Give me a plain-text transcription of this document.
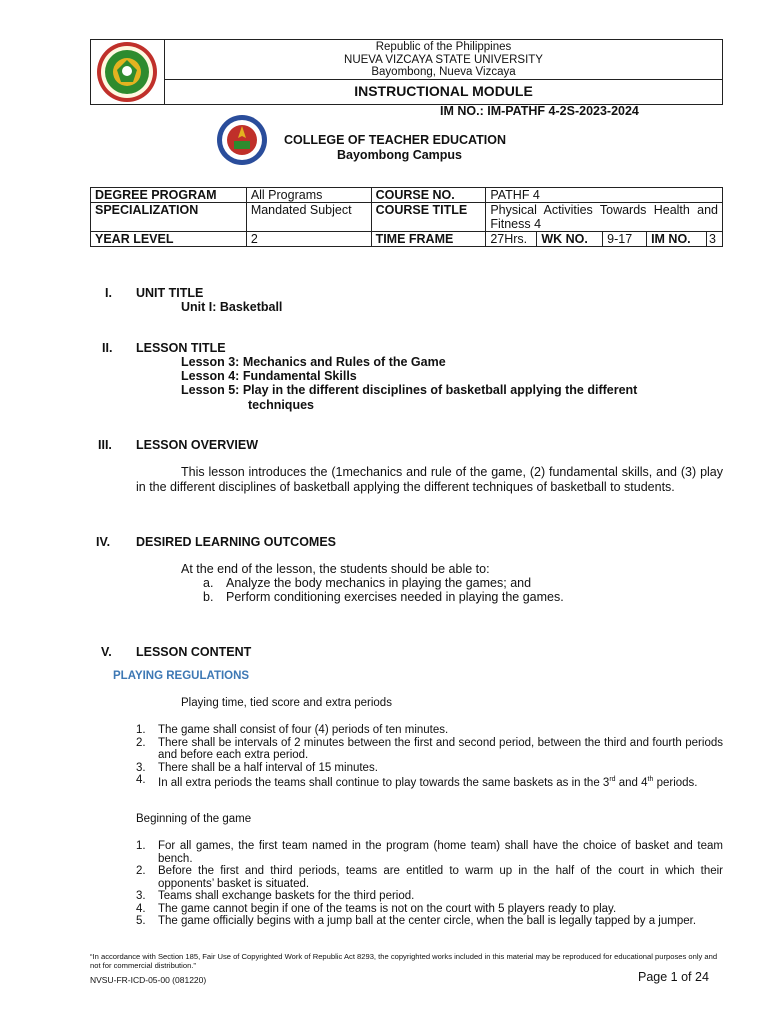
Republic of the Philippines
NUEVA VIZCAYA STATE UNIVERSITY
Bayombong, Nueva Vizcaya
INSTRUCTIONAL MODULE
IM NO.: IM-PATHF 4-2S-2023-2024
COLLEGE OF TEACHER EDUCATION
Bayombong Campus
DEGREE PROGRAM	All Programs	COURSE NO.	PATHF 4				
SPECIALIZATION	Mandated Subject	COURSE TITLE	Physical Activities Towards Health and Fitness 4				
YEAR LEVEL	2	TIME FRAME	27Hrs.	WK NO.	9-17	IM NO.	3
I. UNIT TITLE
Unit I: Basketball
II. LESSON TITLE
Lesson 3: Mechanics and Rules of the Game
Lesson 4: Fundamental Skills
Lesson 5: Play in the different disciplines of basketball applying the different
techniques
III. LESSON OVERVIEW
This lesson introduces the (1mechanics and rule of the game, (2) fundamental skills, and (3) play in the different disciplines of basketball applying the different techniques of basketball to students.
IV. DESIRED LEARNING OUTCOMES
At the end of the lesson, the students should be able to:
a. Analyze the body mechanics in playing the games; and
b. Perform conditioning exercises needed in playing the games.
V. LESSON CONTENT
PLAYING REGULATIONS
Playing time, tied score and extra periods
1. The game shall consist of four (4) periods of ten minutes.
2. There shall be intervals of 2 minutes between the first and second period, between the third and fourth periods and before each extra period.
3. There shall be a half interval of 15 minutes.
4. In all extra periods the teams shall continue to play towards the same baskets as in the 3rd and 4th periods.
Beginning of the game
1. For all games, the first team named in the program (home team) shall have the choice of basket and team bench.
2. Before the first and third periods, teams are entitled to warm up in the half of the court in which their opponents’ basket is situated.
3. Teams shall exchange baskets for the third period.
4. The game cannot begin if one of the teams is not on the court with 5 players ready to play.
5. The game officially begins with a jump ball at the center circle, when the ball is legally tapped by a jumper.
“In accordance with Section 185, Fair Use of Copyrighted Work of Republic Act 8293, the copyrighted works included in this material may be reproduced for educational purposes only and not for commercial distribution.”
NVSU-FR-ICD-05-00 (081220)	Page 1 of 24
